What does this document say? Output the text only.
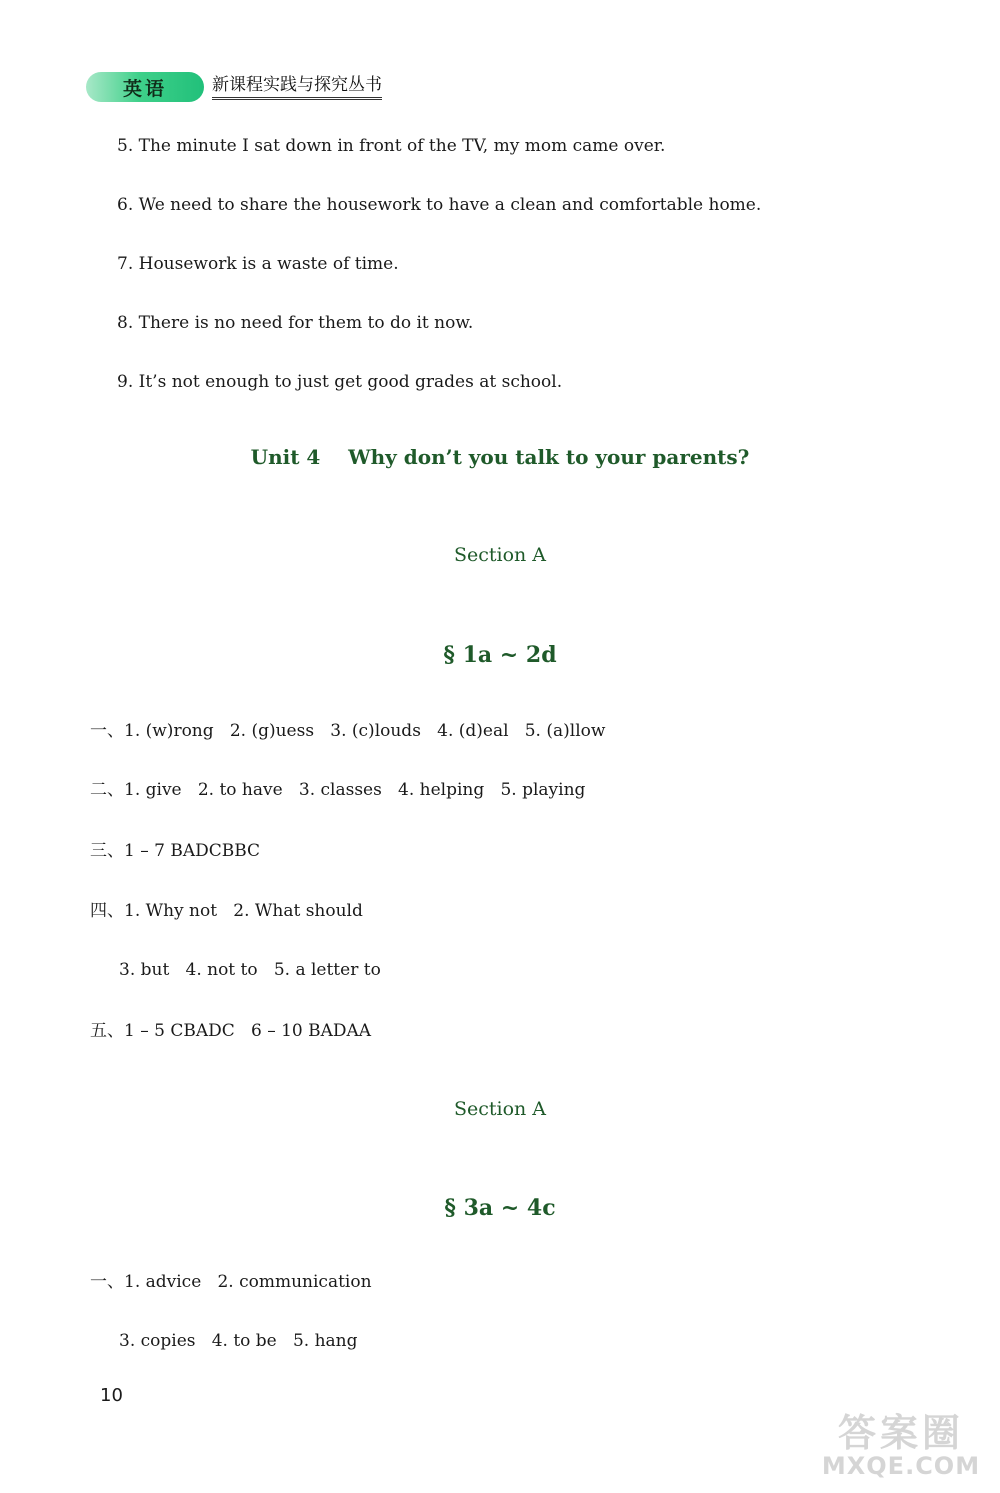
英语	新课程实践与探究丛书
5. The minute I sat down in front of the TV, my mom came over.
6. We need to share the housework to have a clean and comfortable home.
7. Housework is a waste of time.
8. There is no need for them to do it now.
9. It’s not enough to just get good grades at school.
Unit 4    Why don’t you talk to your parents?
Section A
§ 1a ~ 2d
一、1. (w)rong   2. (g)uess   3. (c)louds   4. (d)eal   5. (a)llow
二、1. give   2. to have   3. classes   4. helping   5. playing
三、1 – 7 BADCBBC
四、1. Why not   2. What should
3. but   4. not to   5. a letter to
五、1 – 5 CBADC   6 – 10 BADAA
Section A
§ 3a ~ 4c
一、1. advice   2. communication
3. copies   4. to be   5. hang
10
答案圈
MXQE.COM
